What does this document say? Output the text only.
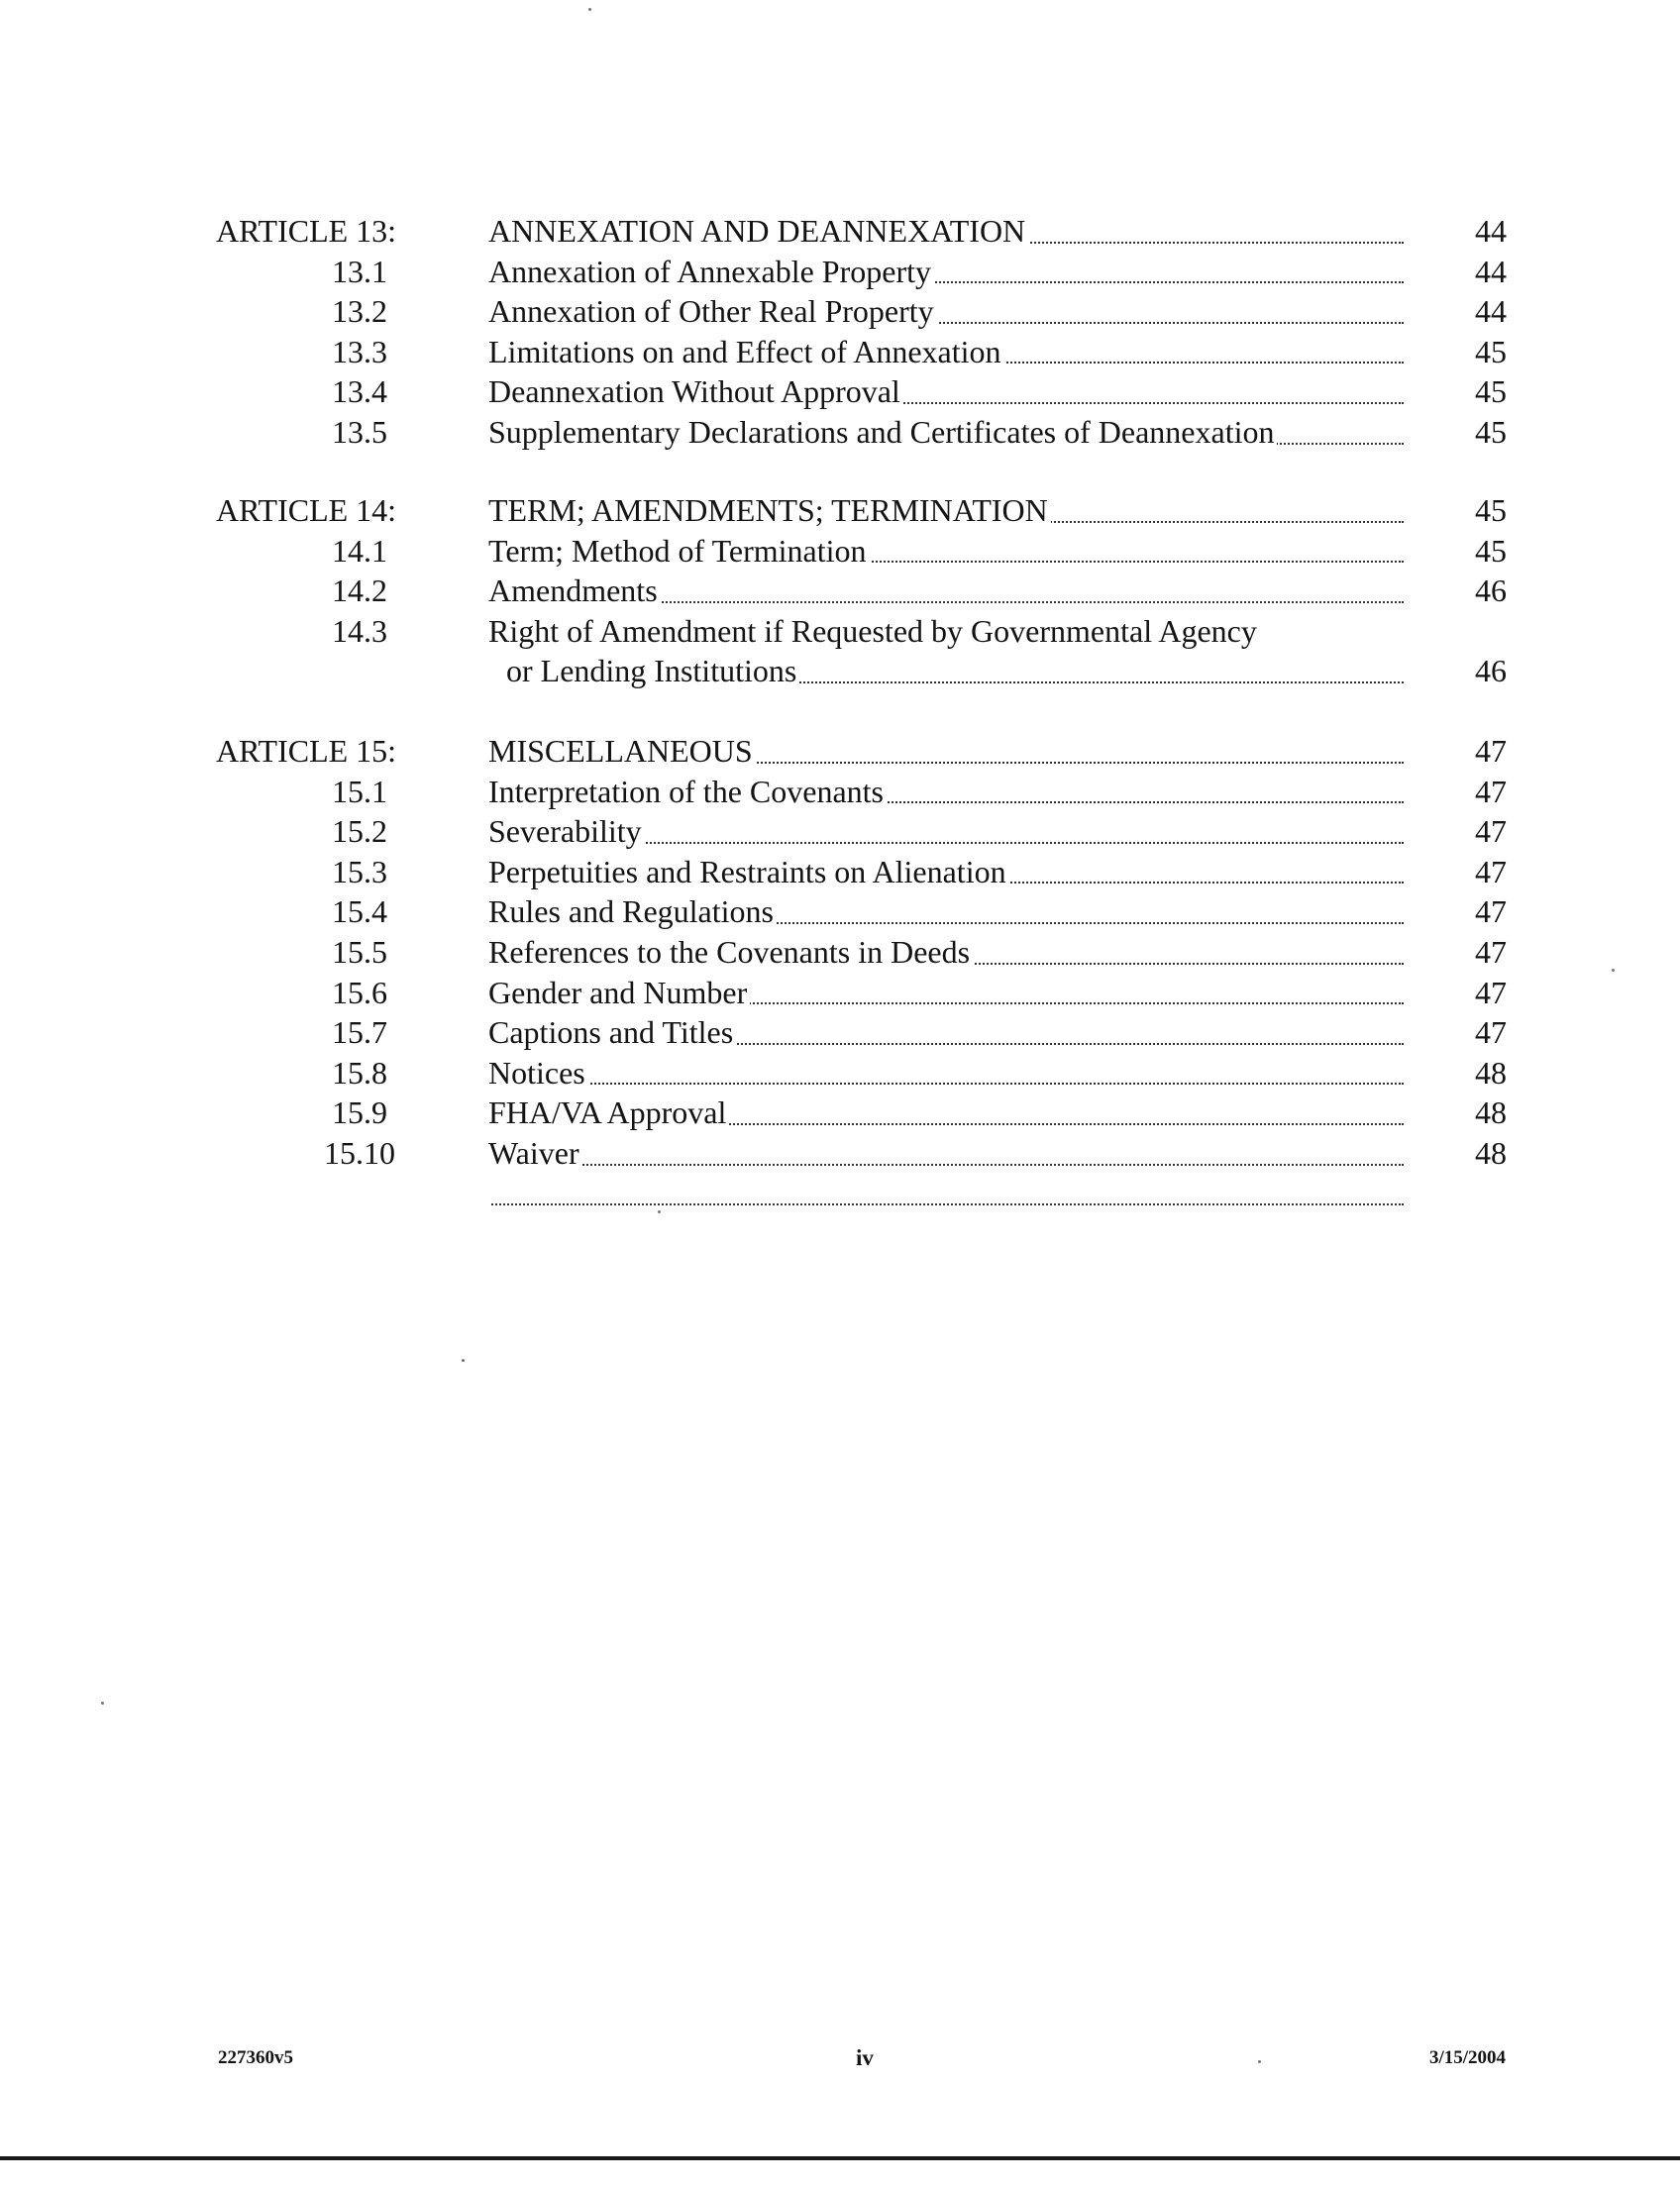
ARTICLE 13:	ANNEXATION AND DEANNEXATION	44
13.1	Annexation of Annexable Property	44
13.2	Annexation of Other Real Property	44
13.3	Limitations on and Effect of Annexation	45
13.4	Deannexation Without Approval	45
13.5	Supplementary Declarations and Certificates of Deannexation	45
ARTICLE 14:	TERM; AMENDMENTS; TERMINATION	45
14.1	Term; Method of Termination	45
14.2	Amendments	46
14.3	Right of Amendment if Requested by Governmental Agency
or Lending Institutions	46
ARTICLE 15:	MISCELLANEOUS	47
15.1	Interpretation of the Covenants	47
15.2	Severability	47
15.3	Perpetuities and Restraints on Alienation	47
15.4	Rules and Regulations	47
15.5	References to the Covenants in Deeds	47
15.6	Gender and Number	47
15.7	Captions and Titles	47
15.8	Notices	48
15.9	FHA/VA Approval	48
15.10	Waiver	48
227360v5	iv	3/15/2004
